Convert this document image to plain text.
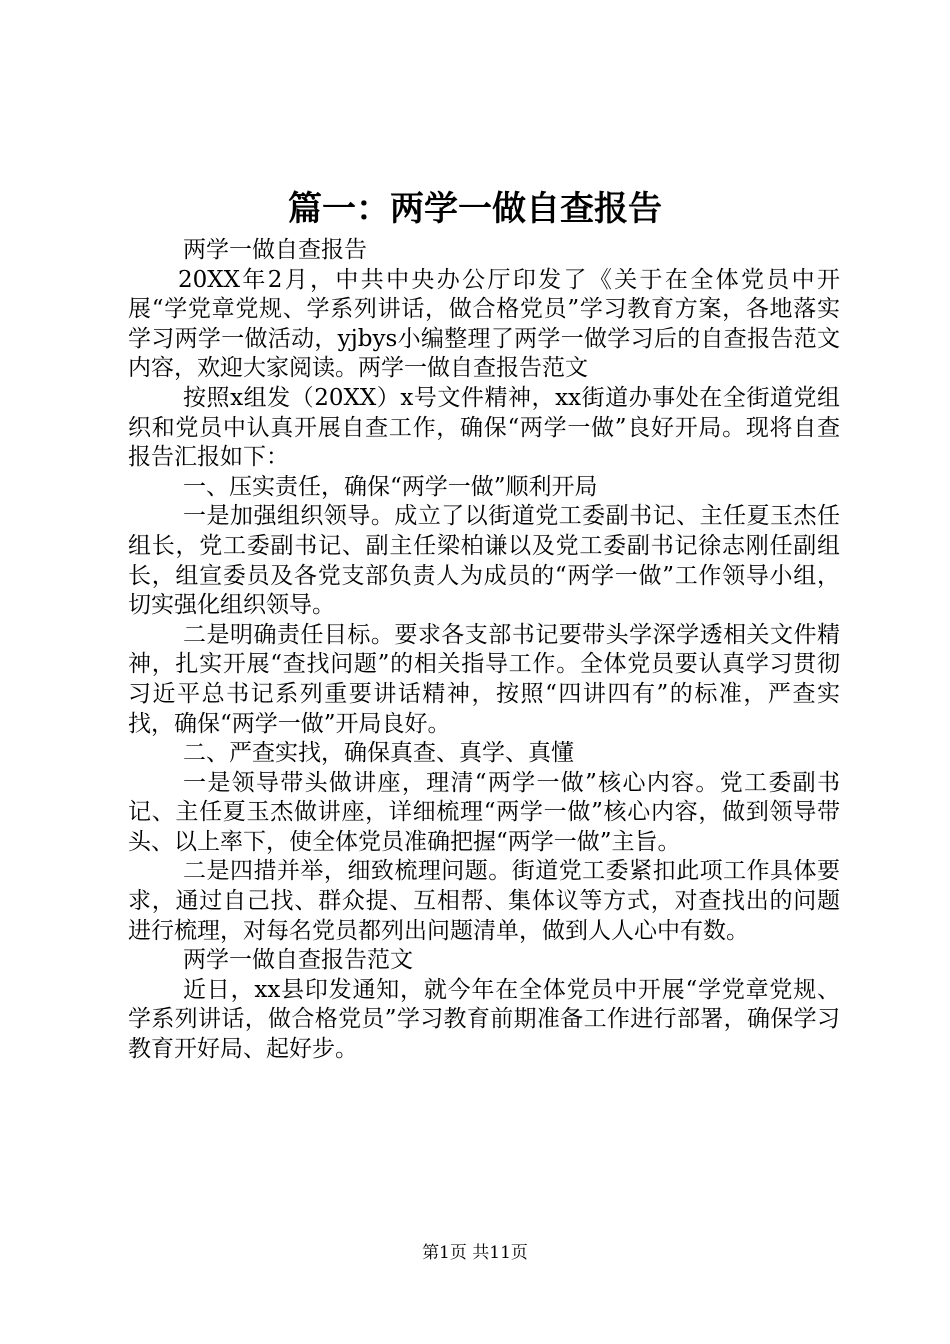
篇一：两学一做自查报告

两学一做自查报告

20XX年2月，中共中央办公厅印发了《关于在全体党员中开展“学党章党规、学系列讲话，做合格党员”学习教育方案，各地落实学习两学一做活动，yjbys小编整理了两学一做学习后的自查报告范文内容，欢迎大家阅读。两学一做自查报告范文

按照x组发（20XX）x号文件精神，xx街道办事处在全街道党组织和党员中认真开展自查工作，确保“两学一做”良好开局。现将自查报告汇报如下：

一、压实责任，确保“两学一做”顺利开局

一是加强组织领导。成立了以街道党工委副书记、主任夏玉杰任组长，党工委副书记、副主任梁柏谦以及党工委副书记徐志刚任副组长，组宣委员及各党支部负责人为成员的“两学一做”工作领导小组，切实强化组织领导。

二是明确责任目标。要求各支部书记要带头学深学透相关文件精神，扎实开展“查找问题”的相关指导工作。全体党员要认真学习贯彻习近平总书记系列重要讲话精神，按照“四讲四有”的标准，严查实找，确保“两学一做”开局良好。

二、严查实找，确保真查、真学、真懂

一是领导带头做讲座，理清“两学一做”核心内容。党工委副书记、主任夏玉杰做讲座，详细梳理“两学一做”核心内容，做到领导带头、以上率下，使全体党员准确把握“两学一做”主旨。

二是四措并举，细致梳理问题。街道党工委紧扣此项工作具体要求，通过自己找、群众提、互相帮、集体议等方式，对查找出的问题进行梳理，对每名党员都列出问题清单，做到人人心中有数。

两学一做自查报告范文

近日，xx县印发通知，就今年在全体党员中开展“学党章党规、学系列讲话，做合格党员”学习教育前期准备工作进行部署，确保学习教育开好局、起好步。

第1页 共11页
